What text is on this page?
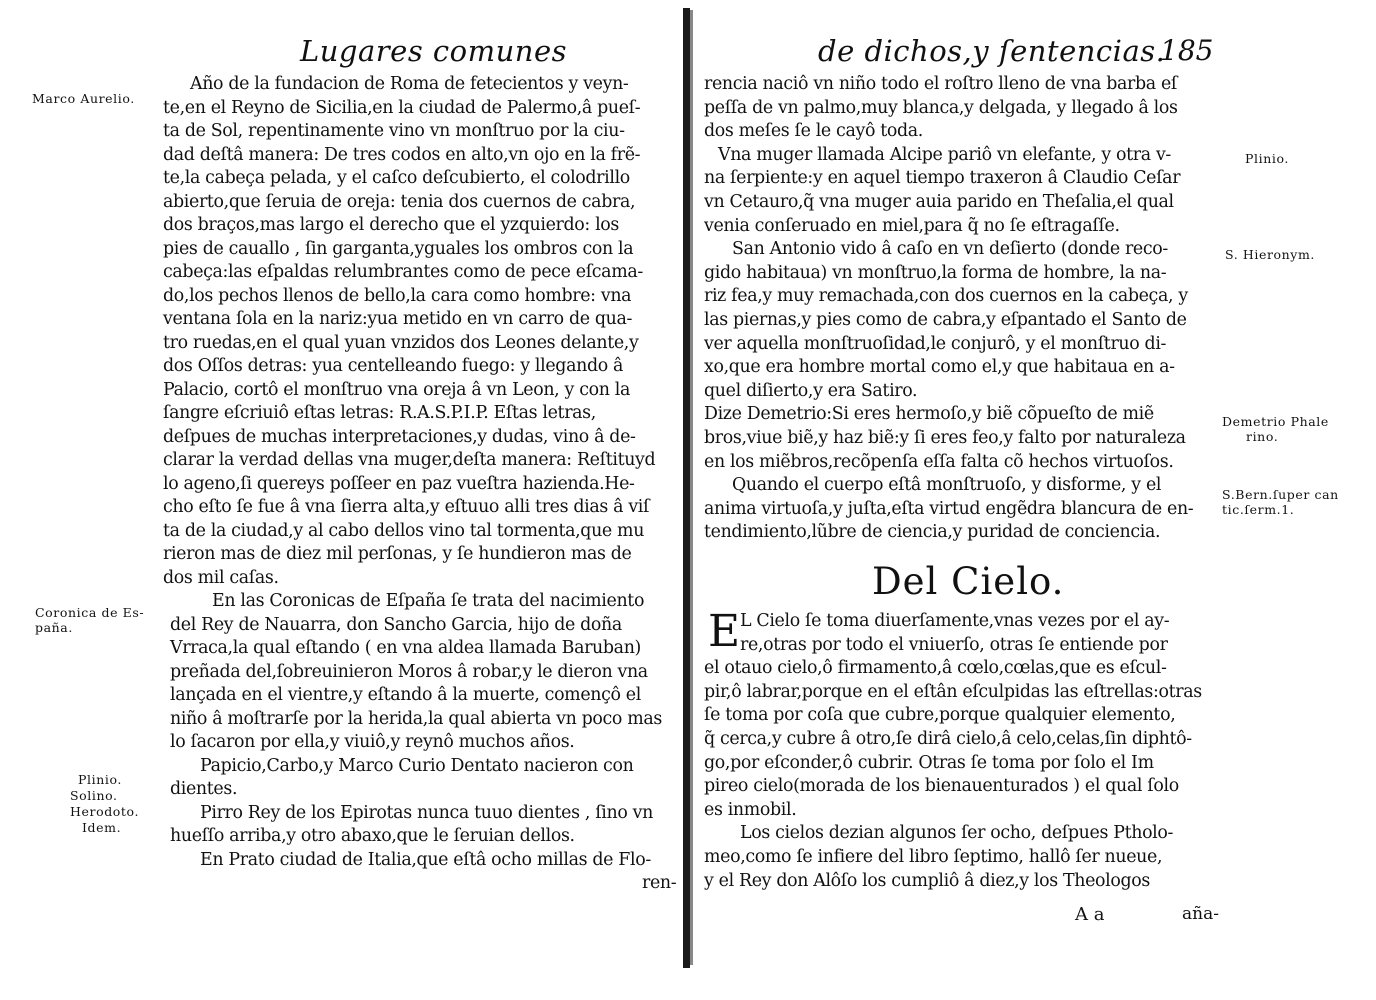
Lugares comunes
Marco Aurelio.
Coronica de Es-
paña.
Plinio.
Solino.
Herodoto.
Idem.
Año de la fundacion de Roma de fetecientos y veyn-
te,en el Reyno de Sicilia,en la ciudad de Palermo,â pueſ-
ta de Sol, repentinamente vino vn monſtruo por la ciu-
dad deſtâ manera: De tres codos en alto,vn ojo en la frẽ-
te,la cabeça pelada, y el caſco deſcubierto, el colodrillo
abierto,que ſeruia de oreja: tenia dos cuernos de cabra,
dos braços,mas largo el derecho que el yzquierdo: los
pies de cauallo , ſin garganta,yguales los ombros con la
cabeça:las eſpaldas relumbrantes como de pece eſcama-
do,los pechos llenos de bello,la cara como hombre: vna
ventana ſola en la nariz:yua metido en vn carro de qua-
tro ruedas,en el qual yuan vnzidos dos Leones delante,y
dos Oſſos detras: yua centelleando fuego: y llegando â
Palacio, cortô el monſtruo vna oreja â vn Leon, y con la
ſangre eſcriuiô eſtas letras: R.A.S.P.I.P. Eſtas letras,
deſpues de muchas interpretaciones,y dudas, vino â de-
clarar la verdad dellas vna muger,deſta manera: Reſtituyd
lo ageno,ſi quereys poſſeer en paz vueſtra hazienda.He-
cho eſto ſe fue â vna ſierra alta,y eſtuuo alli tres dias â viſ
ta de la ciudad,y al cabo dellos vino tal tormenta,que mu
rieron mas de diez mil perſonas, y ſe hundieron mas de
dos mil caſas.
En las Coronicas de Eſpaña ſe trata del nacimiento
del Rey de Nauarra, don Sancho Garcia, hijo de doña
Vrraca,la qual eſtando ( en vna aldea llamada Baruban)
preñada del,ſobreuinieron Moros â robar,y le dieron vna
lançada en el vientre,y eſtando â la muerte, començô el
niño â moſtrarſe por la herida,la qual abierta vn poco mas
lo ſacaron por ella,y viuiô,y reynô muchos años.
Papicio,Carbo,y Marco Curio Dentato nacieron con
dientes.
Pirro Rey de los Epirotas nunca tuuo dientes , ſino vn
hueſſo arriba,y otro abaxo,que le ſeruian dellos.
En Prato ciudad de Italia,que eſtâ ocho millas de Flo-
ren-
de dichos,y ſentencias.
185
Plinio.
S. Hieronym.
Demetrio Phale
rino.
S.Bern.ſuper can
tic.ſerm.1.
rencia naciô vn niño todo el roſtro lleno de vna barba eſ
peſſa de vn palmo,muy blanca,y delgada, y llegado â los
dos meſes ſe le cayô toda.
Vna muger llamada Alcipe pariô vn elefante, y otra v-
na ſerpiente:y en aquel tiempo traxeron â Claudio Ceſar
vn Cetauro,q̃ vna muger auia parido en Theſalia,el qual
venia conſeruado en miel,para q̃ no ſe eſtragaſſe.
San Antonio vido â caſo en vn deſierto (donde reco-
gido habitaua) vn monſtruo,la forma de hombre, la na-
riz fea,y muy remachada,con dos cuernos en la cabeça, y
las piernas,y pies como de cabra,y eſpantado el Santo de
ver aquella monſtruoſidad,le conjurô, y el monſtruo di-
xo,que era hombre mortal como el,y que habitaua en a-
quel diſierto,y era Satiro.
Dize Demetrio:Si eres hermoſo,y biẽ cõpueſto de miẽ
bros,viue biẽ,y haz biẽ:y ſi eres feo,y falto por naturaleza
en los miẽbros,recõpenſa eſſa falta cõ hechos virtuoſos.
Quando el cuerpo eſtâ monſtruoſo, y disforme, y el
anima virtuoſa,y juſta,eſta virtud engẽdra blancura de en-
tendimiento,lũbre de ciencia,y puridad de conciencia.
Del Cielo.
E L Cielo ſe toma diuerſamente,vnas vezes por el ay-
re,otras por todo el vniuerſo, otras ſe entiende por
el otauo cielo,ô firmamento,â cœlo,cœlas,que es eſcul-
pir,ô labrar,porque en el eſtân eſculpidas las eſtrellas:otras
ſe toma por coſa que cubre,porque qualquier elemento,
q̃ cerca,y cubre â otro,ſe dirâ cielo,â celo,celas,ſin diphtô-
go,por eſconder,ô cubrir. Otras ſe toma por ſolo el Im
pireo cielo(morada de los bienauenturados ) el qual ſolo
es inmobil.
Los cielos dezian algunos ſer ocho, deſpues Ptholo-
meo,como ſe infiere del libro ſeptimo, hallô ſer nueue,
y el Rey don Alôſo los cumpliô â diez,y los Theologos
A a	aña-
